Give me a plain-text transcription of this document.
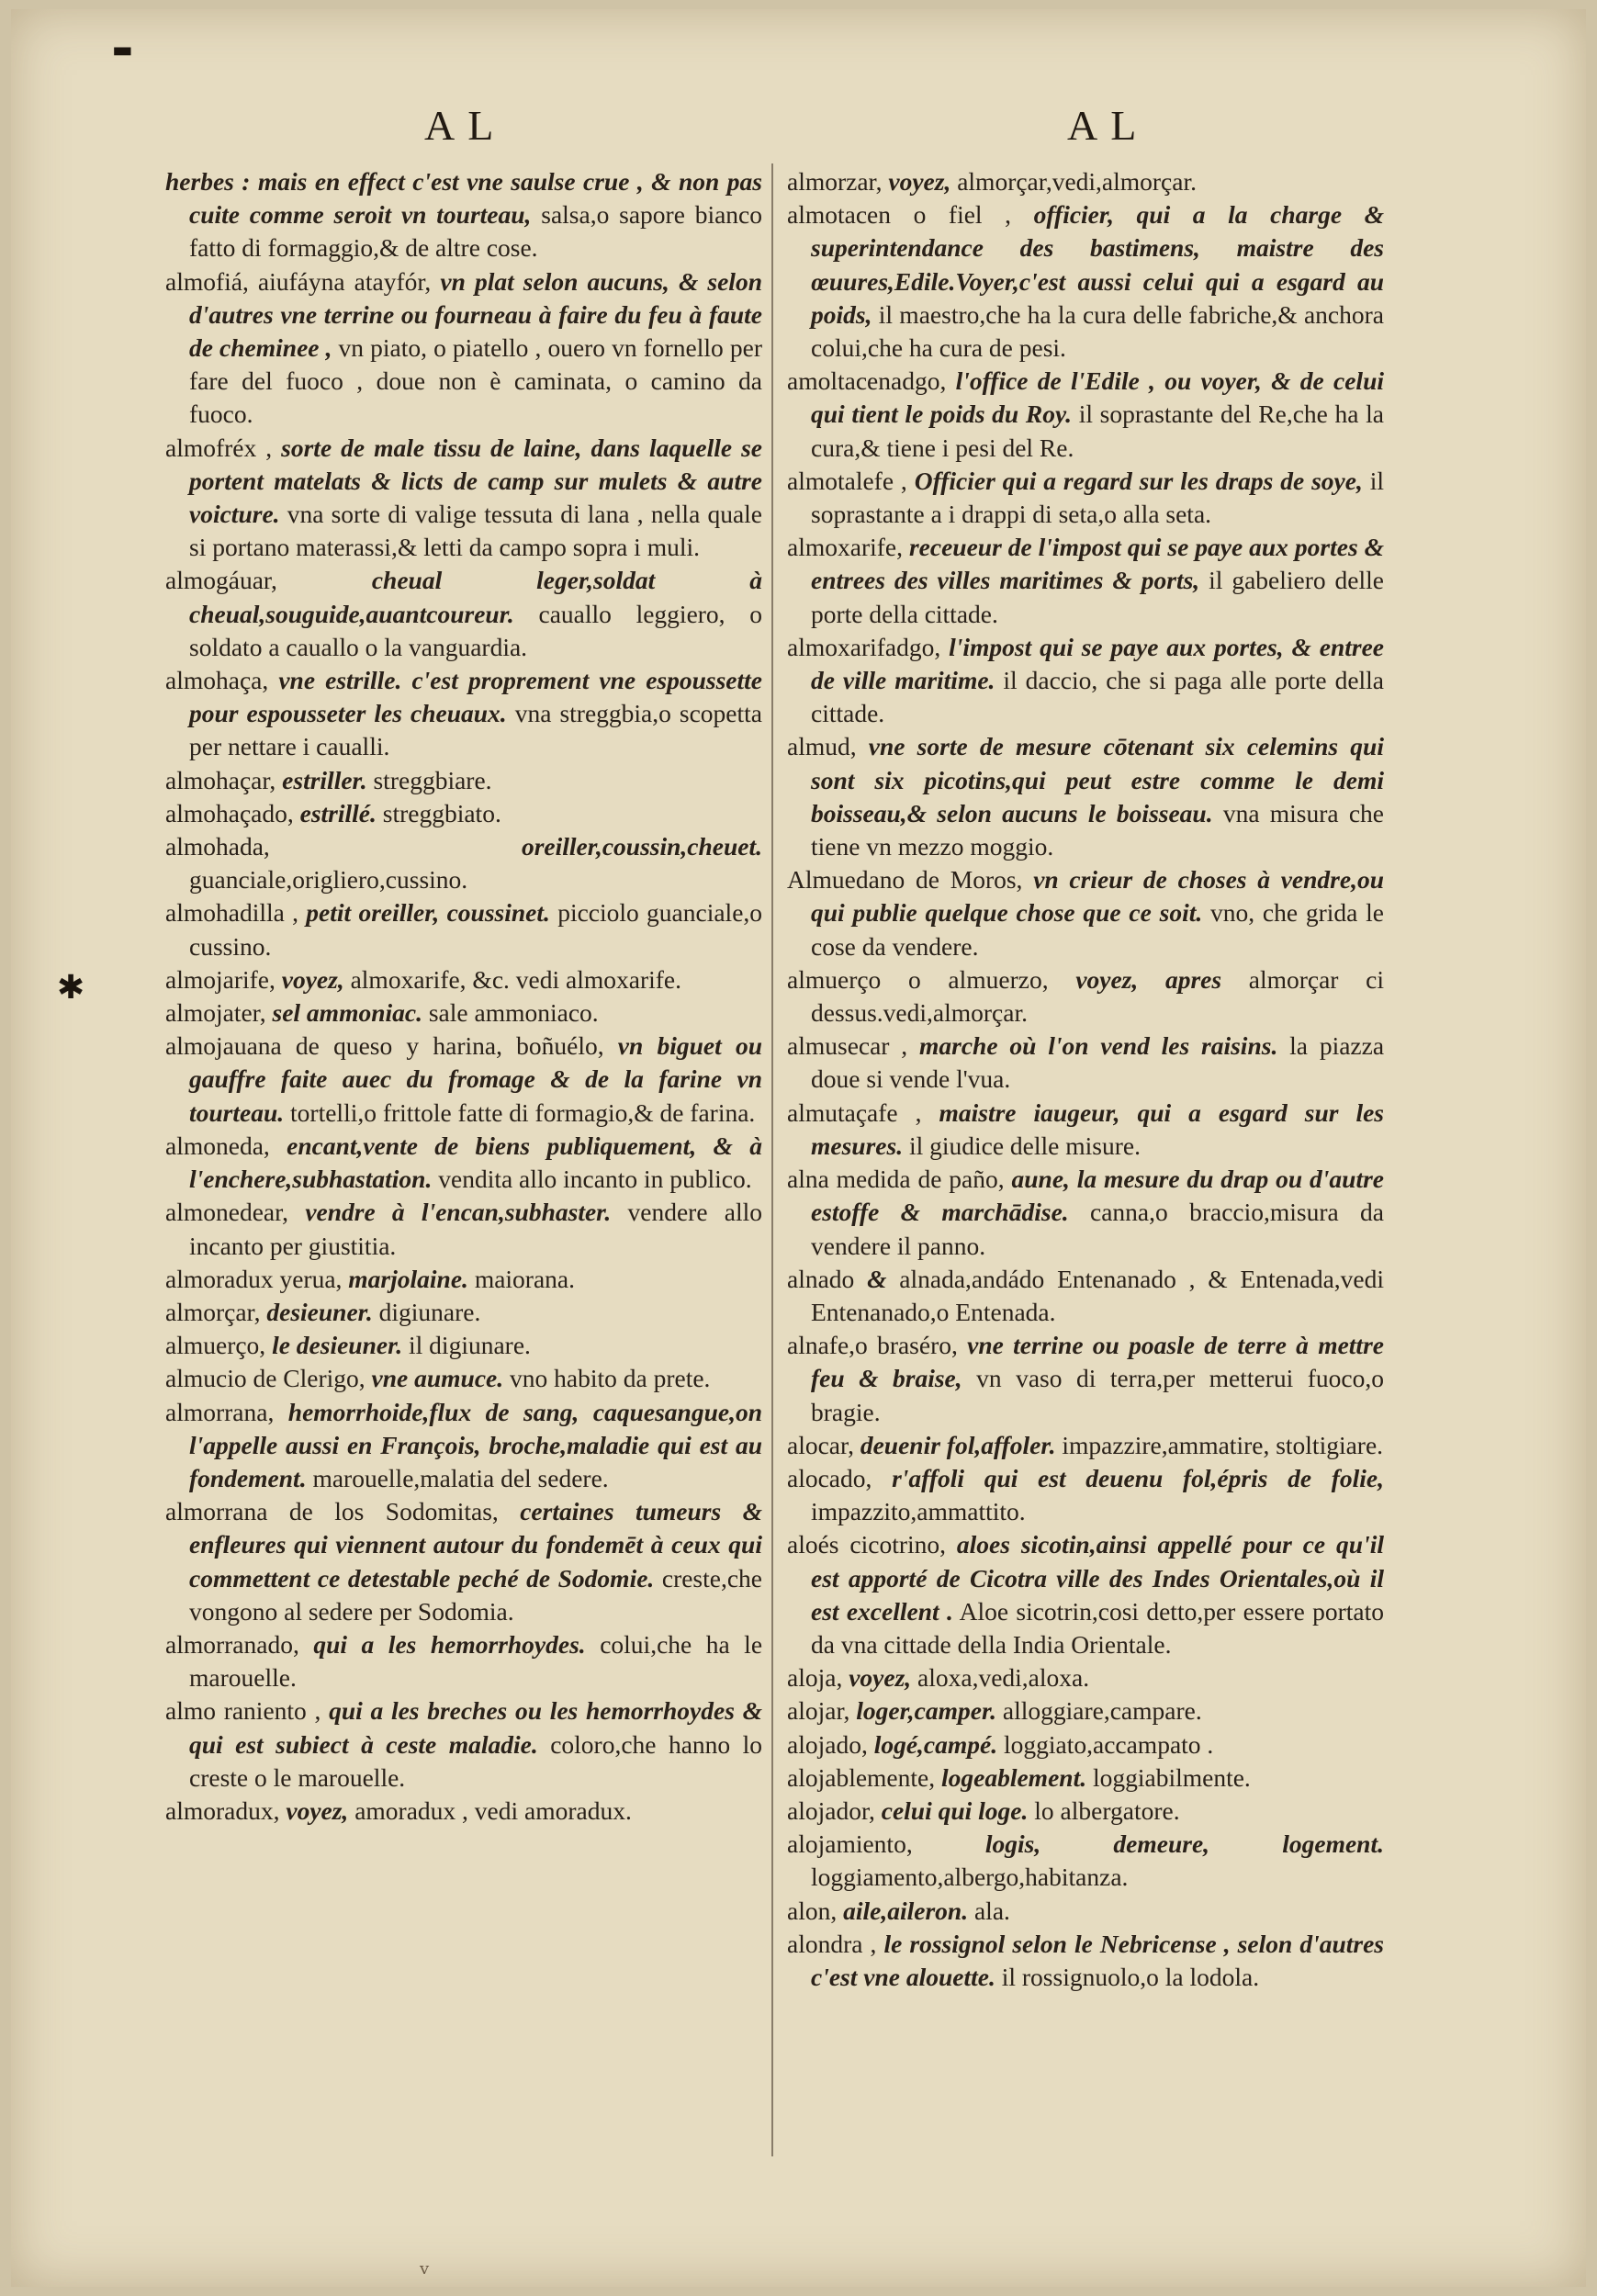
AL	AL

herbes : mais en effect c'est vne saulse crue , & non pas cuite comme seroit vn tourteau, salsa,o sapore bianco fatto di formaggio,& de altre cose.

almofiá, aiufáyna atayfór, vn plat selon aucuns, & selon d'autres vne terrine ou fourneau à faire du feu à faute de cheminee , vn piato, o piatello , ouero vn fornello per fare del fuoco , doue non è caminata, o camino da fuoco.

almofréx , sorte de male tissu de laine, dans laquelle se portent matelats & licts de camp sur mulets & autre voicture. vna sorte di valige tessuta di lana , nella quale si portano materassi,& letti da campo sopra i muli.

almogáuar,	cheual leger,soldat à cheual,souguide,auantcoureur. cauallo leggiero, o soldato a cauallo o la vanguardia.

almohaça, vne estrille. c'est proprement vne espoussette pour espousseter les cheuaux. vna streggbia,o scopetta per nettare i caualli.

almohaçar, estriller. streggbiare.

almohaçado, estrillé. streggbiato.

almohada,	oreiller,coussin,cheuet. guanciale,origliero,cussino.

almohadilla , petit oreiller, coussinet. picciolo guanciale,o cussino.

almojarife, voyez, almoxarife, &c. vedi almoxarife.

almojater, sel ammoniac. sale ammoniaco.

almojauana de queso y harina, boñuélo, vn biguet ou gauffre faite auec du fromage & de la farine vn tourteau. tortelli,o frittole fatte di formagio,& de farina.

almoneda, encant,vente de biens publiquement, & à l'enchere,subhastation. vendita allo incanto in publico.

almonedear, vendre à l'encan,subhaster. vendere allo incanto per giustitia.

almoradux yerua, marjolaine. maiorana.

almorçar, desieuner. digiunare.

almuerço, le desieuner. il digiunare.

almucio de Clerigo, vne aumuce. vno habito da prete.

almorrana, hemorrhoide,flux de sang, caquesangue,on l'appelle aussi en François, broche,maladie qui est au fondement. marouelle,malatia del sedere.

almorrana de los Sodomitas, certaines tumeurs & enfleures qui viennent autour du fondemēt à ceux qui commettent ce detestable peché de Sodomie. creste,che vongono al sedere per Sodomia.

almorranado, qui a les hemorrhoydes. colui,che ha le marouelle.

almo raniento , qui a les breches ou les hemorrhoydes & qui est subiect à ceste maladie. coloro,che hanno lo creste o le marouelle.

almoradux, voyez, amoradux , vedi amoradux.

almorzar, voyez, almorçar,vedi,almorçar.

almotacen o fiel , officier, qui a la charge & superintendance des bastimens, maistre des œuures,Edile.Voyer,c'est aussi celui qui a esgard au poids, il maestro,che ha la cura delle fabriche,& anchora colui,che ha cura de pesi.

amoltacenadgo, l'office de l'Edile , ou voyer, & de celui qui tient le poids du Roy. il soprastante del Re,che ha la cura,& tiene i pesi del Re.

almotalefe , Officier qui a regard sur les draps de soye, il soprastante a i drappi di seta,o alla seta.

almoxarife, receueur de l'impost qui se paye aux portes & entrees des villes maritimes & ports, il gabeliero delle porte della cittade.

almoxarifadgo, l'impost qui se paye aux portes, & entree de ville maritime. il daccio, che si paga alle porte della cittade.

almud, vne sorte de mesure cōtenant six celemins qui sont six picotins,qui peut estre comme le demi boisseau,& selon aucuns le boisseau. vna misura che tiene vn mezzo moggio.

Almuedano de Moros, vn crieur de choses à vendre,ou qui publie quelque chose que ce soit. vno, che grida le cose da vendere.

almuerço o almuerzo, voyez, apres almorçar ci dessus.vedi,almorçar.

almusecar , marche où l'on vend les raisins. la piazza doue si vende l'vua.

almutaçafe , maistre iaugeur, qui a esgard sur les mesures. il giudice delle misure.

alna medida de paño, aune, la mesure du drap ou d'autre estoffe & marchādise. canna,o braccio,misura da vendere il panno.

alnado & alnada,andádo Entenanado , & Entenada,vedi Entenanado,o Entenada.

alnafe,o braséro, vne terrine ou poasle de terre à mettre feu & braise, vn vaso di terra,per metterui fuoco,o bragie.

alocar, deuenir fol,affoler. impazzire,ammatire, stoltigiare.

alocado, r'affoli qui est deuenu fol,épris de folie, impazzito,ammattito.

aloés cicotrino, aloes sicotin,ainsi appellé pour ce qu'il est apporté de Cicotra ville des Indes Orientales,où il est excellent . Aloe sicotrin,cosi detto,per essere portato da vna cittade della India Orientale.

aloja, voyez, aloxa,vedi,aloxa.

alojar, loger,camper. alloggiare,campare.

alojado, logé,campé. loggiato,accampato .

alojablemente, logeablement. loggiabilmente.

alojador, celui qui loge. lo albergatore.

alojamiento,	logis, demeure, logement. loggiamento,albergo,habitanza.

alon, aile,aileron. ala.

alondra , le rossignol selon le Nebricense , selon d'autres c'est vne alouette. il rossignuolo,o la lodola.

✱
▬
v
